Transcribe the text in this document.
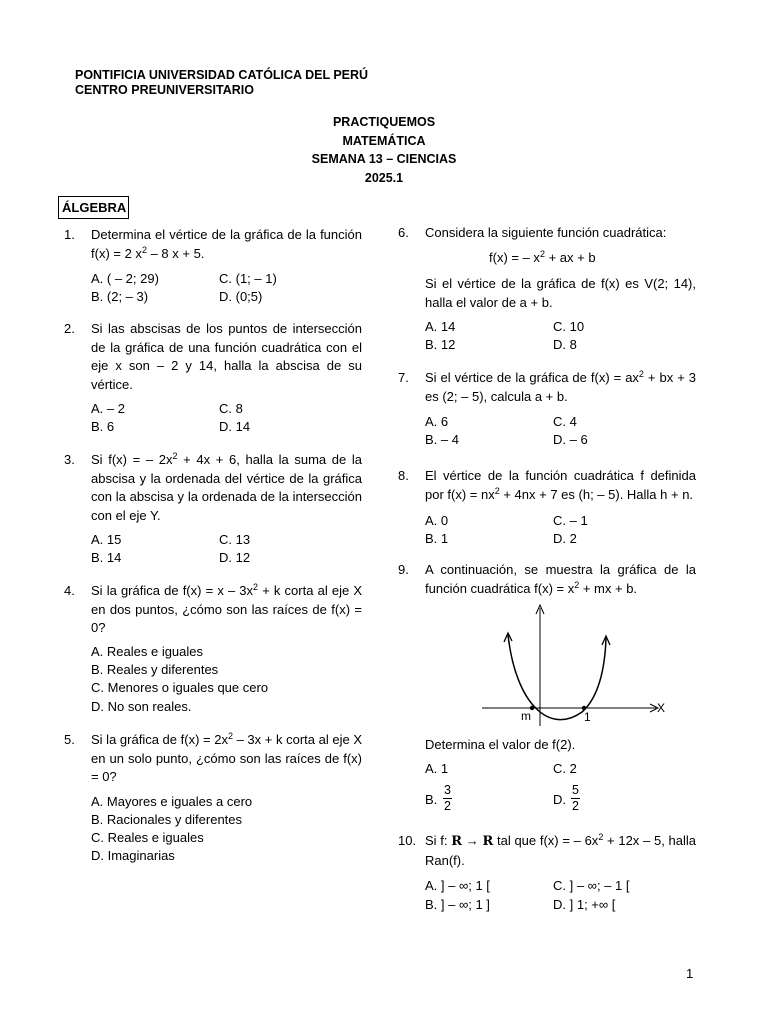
PONTIFICIA UNIVERSIDAD CATÓLICA DEL PERÚ
CENTRO PREUNIVERSITARIO
PRACTIQUEMOS
MATEMÁTICA
SEMANA 13 – CIENCIAS
2025.1
ÁLGEBRA
1. Determina el vértice de la gráfica de la función f(x) = 2 $x^2 - 8$ x + 5.
A. ( – 2; 29)	C. (1; – 1)
B. (2; – 3)	D. (0;5)
2. Si las abscisas de los puntos de intersección de la gráfica de una función cuadrática con el eje x son – 2 y 14, halla la abscisa de su vértice.
A. – 2	C. 8
B. 6	D. 14
3. Si f(x) = – $2x^2 + 4x + 6$, halla la suma de la abscisa y la ordenada del vértice de la gráfica con la abscisa y la ordenada de la intersección con el eje Y.
A. 15	C. 13
B. 14	D. 12
4. Si la gráfica de $f(x) = x - 3x^2 + k$ corta al eje X en dos puntos, ¿cómo son las raíces de f(x) = 0?
A. Reales e iguales
B. Reales y diferentes
C. Menores o iguales que cero
D. No son reales.
5. Si la gráfica de $f(x) = 2x^2 - 3x + k$ corta al eje X en un solo punto, ¿cómo son las raíces de f(x) = 0?
A. Mayores e iguales a cero
B. Racionales y diferentes
C. Reales e iguales
D. Imaginarias
6. Considera la siguiente función cuadrática:
f(x) = – $x^2$ + ax + b
Si el vértice de la gráfica de f(x) es V(2; 14), halla el valor de a + b.
A. 14	C. 10
B. 12	D. 8
7. Si el vértice de la gráfica de $f(x) = ax^2$ + bx + 3 es (2; – 5), calcula a + b.
A. 6	C. 4
B. – 4	D. – 6
8. El vértice de la función cuadrática f definida por $f(x) = nx^2 + 4nx + 7$ es (h; – 5). Halla h + n.
A. 0	C. – 1
B. 1	D. 2
9. A continuación, se muestra la gráfica de la función cuadrática $f(x) = x^2$ + mx + b.
m	1
X
Determina el valor de f(2).
A. 1	C. 2
B. $\frac{3}{2}$	D. $\frac{5}{2}$
10. Si f: R → R tal que f(x) = – $6x^2 + 12x - 5$, halla Ran(f).
A. ] – ∞; 1 [	C. ] – ∞; – 1 [
B. ] – ∞; 1 ]	D. ] 1; +∞ [
1
